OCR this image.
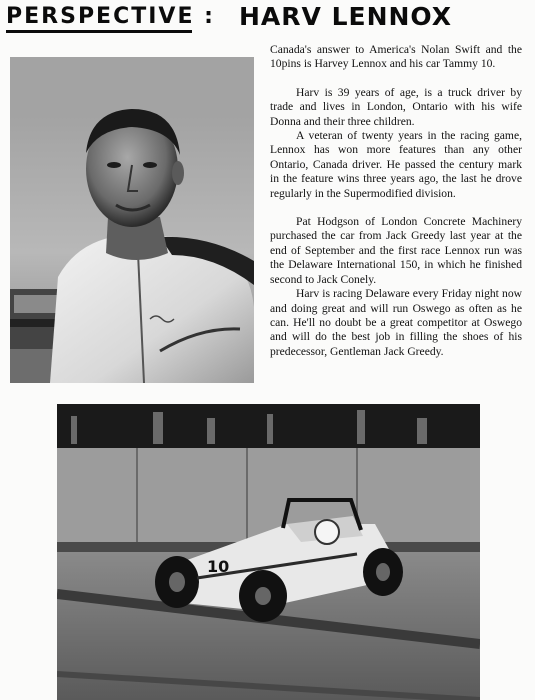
PERSPECTIVE : HARV LENNOX

Canada's answer to America's Nolan Swift and the 10pins is Harvey Lennox and his car Tammy 10.

Harv is 39 years of age, is a truck driver by trade and lives in London, Ontario with his wife Donna and their three children.

A veteran of twenty years in the racing game, Lennox has won more features than any other Ontario, Canada driver. He passed the century mark in the feature wins three years ago, the last he drove regularly in the Supermodified division.

Pat Hodgson of London Concrete Machinery purchased the car from Jack Greedy last year at the end of September and the first race Lennox run was the Delaware International 150, in which he finished second to Jack Conely.

Harv is racing Delaware every Friday night now and doing great and will run Oswego as often as he can. He'll no doubt be a great competitor at Oswego and will do the best job in filling the shoes of his predecessor, Gentleman Jack Greedy.

10
